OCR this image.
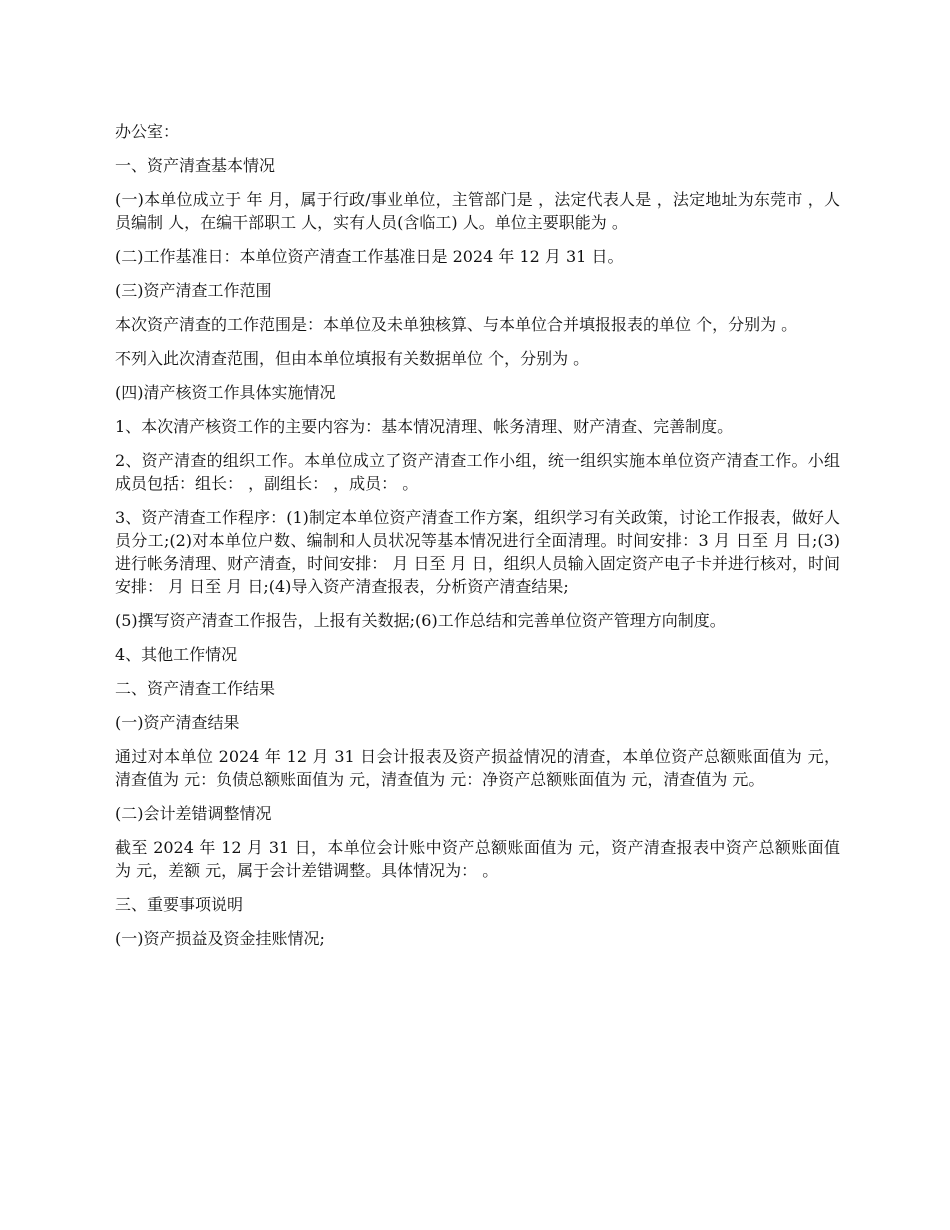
办公室：

一、资产清查基本情况

(一)本单位成立于 年 月，属于行政/事业单位，主管部门是 ，法定代表人是 ，法定地址为东莞市 ，人员编制 人，在编干部职工 人，实有人员(含临工) 人。单位主要职能为 。

(二)工作基准日：本单位资产清查工作基准日是 2024 年 12 月 31 日。

(三)资产清查工作范围

本次资产清查的工作范围是：本单位及未单独核算、与本单位合并填报报表的单位 个，分别为 。

不列入此次清查范围，但由本单位填报有关数据单位 个，分别为 。

(四)清产核资工作具体实施情况

1、本次清产核资工作的主要内容为：基本情况清理、帐务清理、财产清查、完善制度。

2、资产清查的组织工作。本单位成立了资产清查工作小组，统一组织实施本单位资产清查工作。小组成员包括：组长： ，副组长： ，成员： 。

3、资产清查工作程序：(1)制定本单位资产清查工作方案，组织学习有关政策，讨论工作报表，做好人员分工;(2)对本单位户数、编制和人员状况等基本情况进行全面清理。时间安排：3 月 日至 月 日;(3)进行帐务清理、财产清查，时间安排： 月 日至 月 日，组织人员输入固定资产电子卡并进行核对，时间安排： 月 日至 月 日;(4)导入资产清查报表，分析资产清查结果;

(5)撰写资产清查工作报告，上报有关数据;(6)工作总结和完善单位资产管理方向制度。

4、其他工作情况

二、资产清查工作结果

(一)资产清查结果

通过对本单位 2024 年 12 月 31 日会计报表及资产损益情况的清查，本单位资产总额账面值为 元，清查值为 元：负债总额账面值为 元，清查值为 元：净资产总额账面值为 元，清查值为 元。

(二)会计差错调整情况

截至 2024 年 12 月 31 日，本单位会计账中资产总额账面值为 元，资产清查报表中资产总额账面值为 元，差额 元，属于会计差错调整。具体情况为： 。

三、重要事项说明

(一)资产损益及资金挂账情况;
